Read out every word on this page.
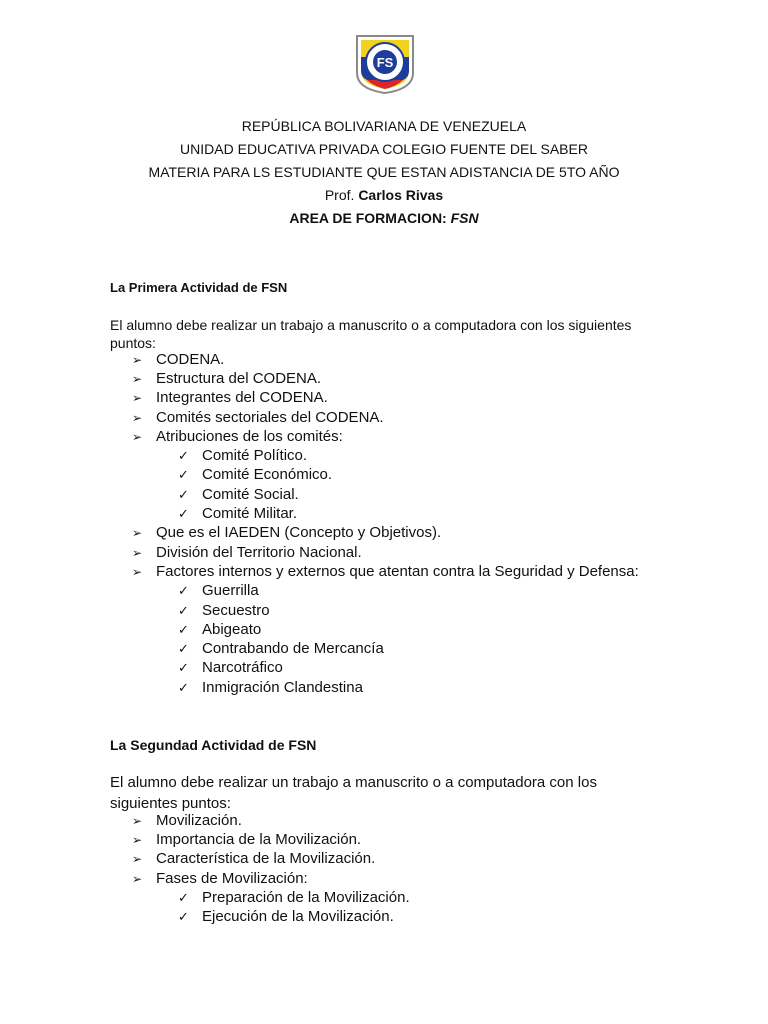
FS
REPÚBLICA BOLIVARIANA DE VENEZUELA
UNIDAD EDUCATIVA PRIVADA COLEGIO FUENTE DEL SABER
MATERIA PARA LS ESTUDIANTE QUE ESTAN ADISTANCIA DE 5TO AÑO
Prof. Carlos Rivas
AREA DE FORMACION: FSN
La Primera Actividad de FSN
El alumno debe realizar un trabajo a manuscrito o a computadora con los siguientes
puntos:
➢ CODENA.
➢ Estructura del CODENA.
➢ Integrantes del CODENA.
➢ Comités sectoriales del CODENA.
➢ Atribuciones de los comités:
✓ Comité Político.
✓ Comité Económico.
✓ Comité Social.
✓ Comité Militar.
➢ Que es el IAEDEN (Concepto y Objetivos).
➢ División del Territorio Nacional.
➢ Factores internos y externos que atentan contra la Seguridad y Defensa:
✓ Guerrilla
✓ Secuestro
✓ Abigeato
✓ Contrabando de Mercancía
✓ Narcotráfico
✓ Inmigración Clandestina
La Segundad Actividad de FSN
El alumno debe realizar un trabajo a manuscrito o a computadora con los
siguientes puntos:
➢ Movilización.
➢ Importancia de la Movilización.
➢ Característica de la Movilización.
➢ Fases de Movilización:
✓ Preparación de la Movilización.
✓ Ejecución de la Movilización.
